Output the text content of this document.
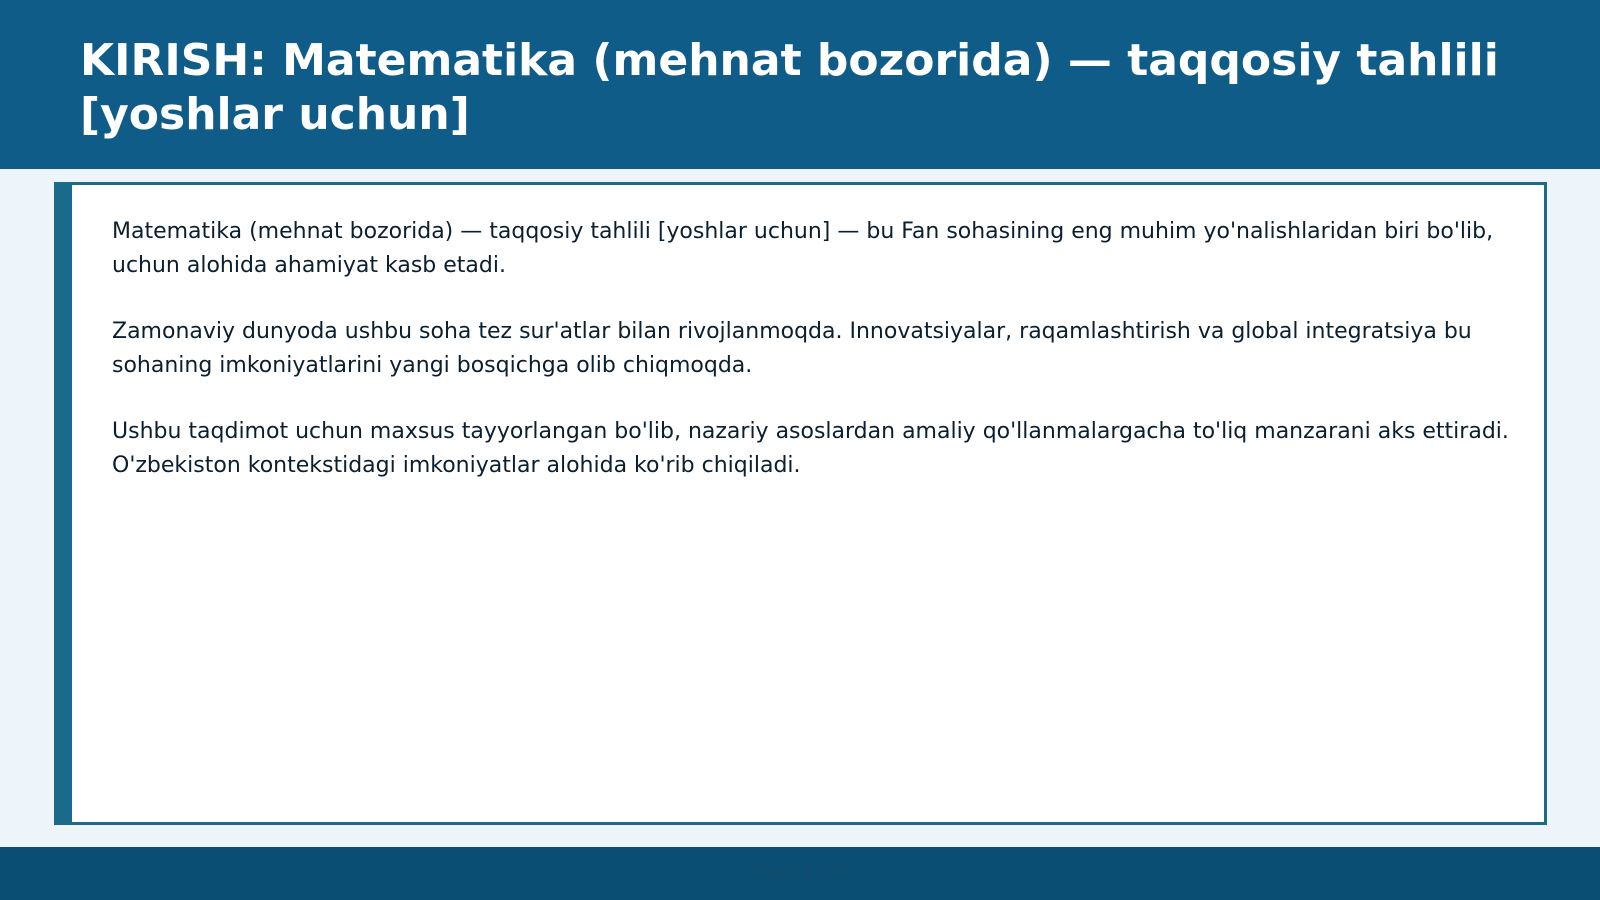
KIRISH: Matematika (mehnat bozorida) — taqqosiy tahlili [yoshlar uchun]

Matematika (mehnat bozorida) — taqqosiy tahlili [yoshlar uchun] — bu Fan sohasining eng muhim yo'nalishlaridan biri bo'lib, uchun alohida ahamiyat kasb etadi.

Zamonaviy dunyoda ushbu soha tez sur'atlar bilan rivojlanmoqda. Innovatsiyalar, raqamlashtirish va global integratsiya bu sohaning imkoniyatlarini yangi bosqichga olib chiqmoqda.

Ushbu taqdimot uchun maxsus tayyorlangan bo'lib, nazariy asoslardan amaliy qo'llanmalargacha to'liq manzarani aks ettiradi. O'zbekiston kontekstidagi imkoniyatlar alohida ko'rib chiqiladi.

Slayd 2 / 20
